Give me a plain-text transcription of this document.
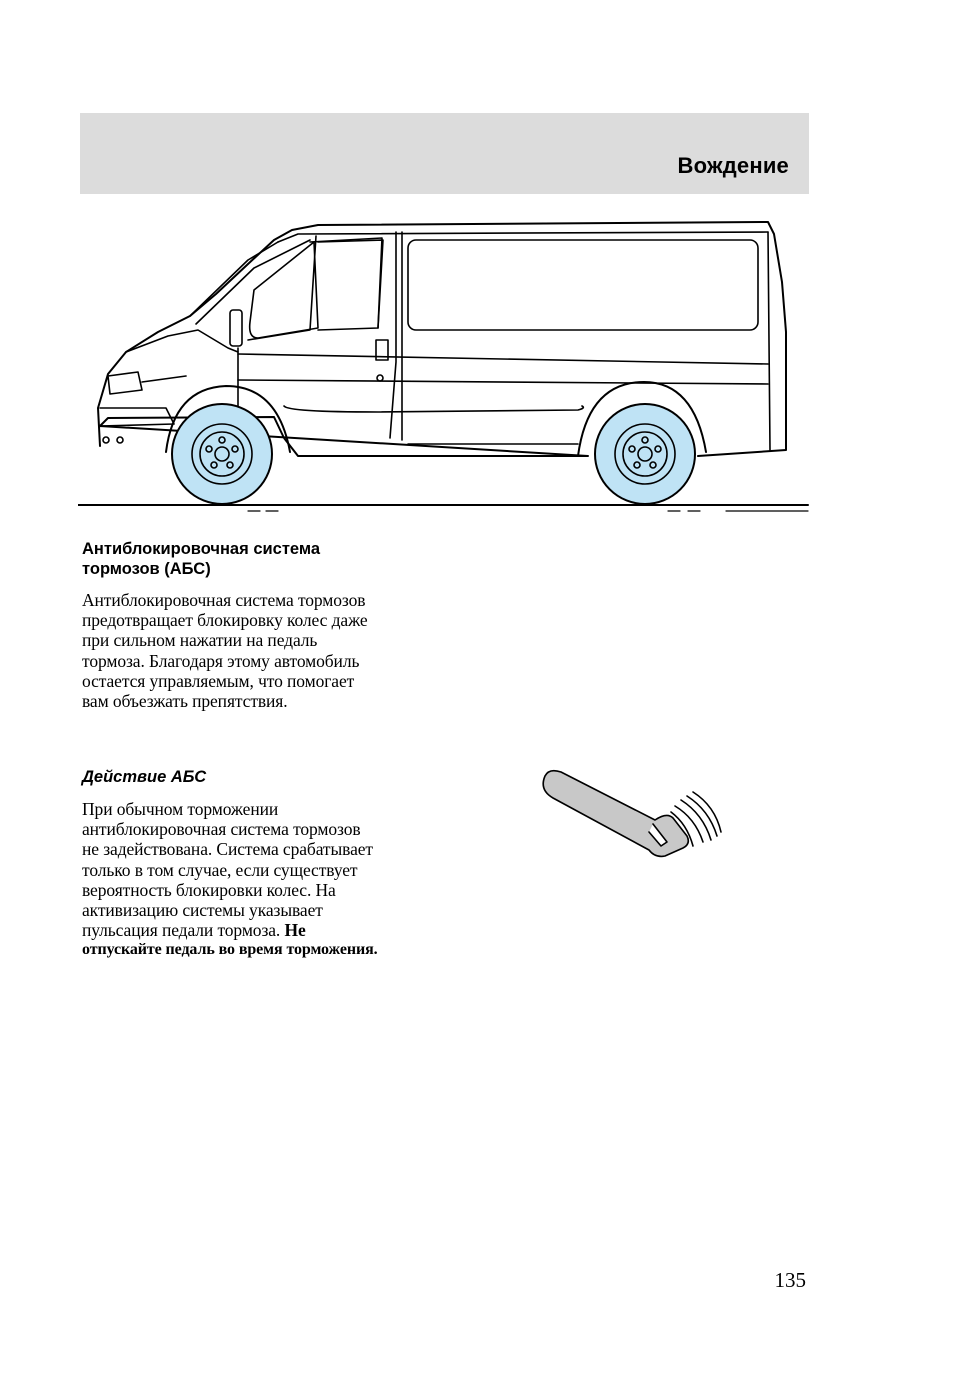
Вождение
Антиблокировочная система
тормозов (АБС)
Антиблокировочная система тормозов
предотвращает блокировку колес даже
при сильном нажатии на педаль
тормоза. Благодаря этому автомобиль
остается управляемым, что помогает
вам объезжать препятствия.
Действие АБС
При обычном торможении
антиблокировочная система тормозов
не задействована. Система срабатывает
только в том случае, если существует
вероятность блокировки колес. На
активизацию системы указывает
пульсация педали тормоза. Не
отпускайте педаль во время торможения.
135
